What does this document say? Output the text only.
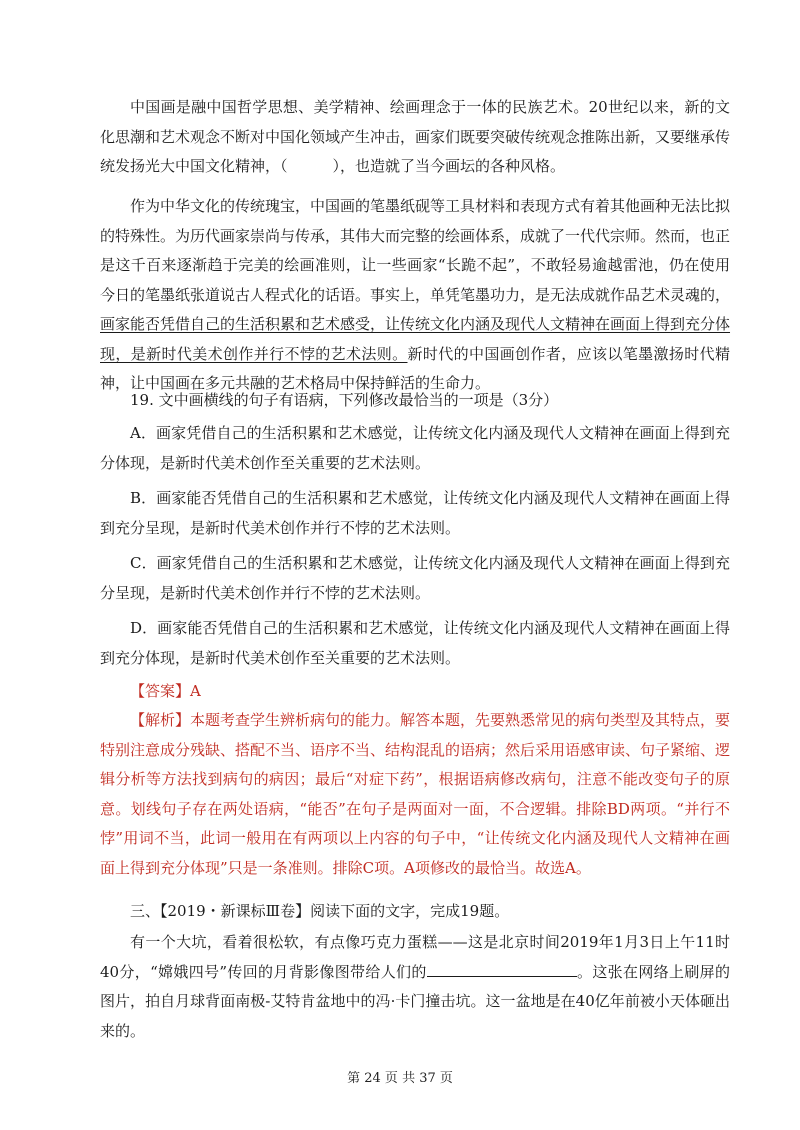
中国画是融中国哲学思想、美学精神、绘画理念于一体的民族艺术。20世纪以来，新的文化思潮和艺术观念不断对中国化领域产生冲击，画家们既要突破传统观念推陈出新，又要继承传统发扬光大中国文化精神，（　　　），也造就了当今画坛的各种风格。

作为中华文化的传统瑰宝，中国画的笔墨纸砚等工具材料和表现方式有着其他画种无法比拟的特殊性。为历代画家崇尚与传承，其伟大而完整的绘画体系，成就了一代代宗师。然而，也正是这千百来逐渐趋于完美的绘画准则，让一些画家“长跪不起”，不敢轻易逾越雷池，仍在使用今日的笔墨纸张道说古人程式化的话语。事实上，单凭笔墨功力，是无法成就作品艺术灵魂的，画家能否凭借自己的生活积累和艺术感受，让传统文化内涵及现代人文精神在画面上得到充分体现，是新时代美术创作并行不悖的艺术法则。新时代的中国画创作者，应该以笔墨激扬时代精神，让中国画在多元共融的艺术格局中保持鲜活的生命力。

19. 文中画横线的句子有语病，下列修改最恰当的一项是（3分）

A．画家凭借自己的生活积累和艺术感觉，让传统文化内涵及现代人文精神在画面上得到充分体现，是新时代美术创作至关重要的艺术法则。

B．画家能否凭借自己的生活积累和艺术感觉，让传统文化内涵及现代人文精神在画面上得到充分呈现，是新时代美术创作并行不悖的艺术法则。

C．画家凭借自己的生活积累和艺术感觉，让传统文化内涵及现代人文精神在画面上得到充分呈现，是新时代美术创作并行不悖的艺术法则。

D．画家能否凭借自己的生活积累和艺术感觉，让传统文化内涵及现代人文精神在画面上得到充分体现，是新时代美术创作至关重要的艺术法则。

【答案】A

【解析】本题考查学生辨析病句的能力。解答本题，先要熟悉常见的病句类型及其特点，要特别注意成分残缺、搭配不当、语序不当、结构混乱的语病；然后采用语感审读、句子紧缩、逻辑分析等方法找到病句的病因；最后“对症下药”，根据语病修改病句，注意不能改变句子的原意。划线句子存在两处语病，“能否”在句子是两面对一面，不合逻辑。排除BD两项。“并行不悖”用词不当，此词一般用在有两项以上内容的句子中，“让传统文化内涵及现代人文精神在画面上得到充分体现”只是一条准则。排除C项。A项修改的最恰当。故选A。

三、【2019・新课标Ⅲ卷】阅读下面的文字，完成19题。

有一个大坑，看着很松软，有点像巧克力蛋糕——这是北京时间2019年1月3日上午11时40分，“嫦娥四号”传回的月背影像图带给人们的	。这张在网络上刷屏的图片，拍自月球背面南极-艾特肯盆地中的冯·卡门撞击坑。这一盆地是在40亿年前被小天体砸出来的。

第 24 页 共 37 页
